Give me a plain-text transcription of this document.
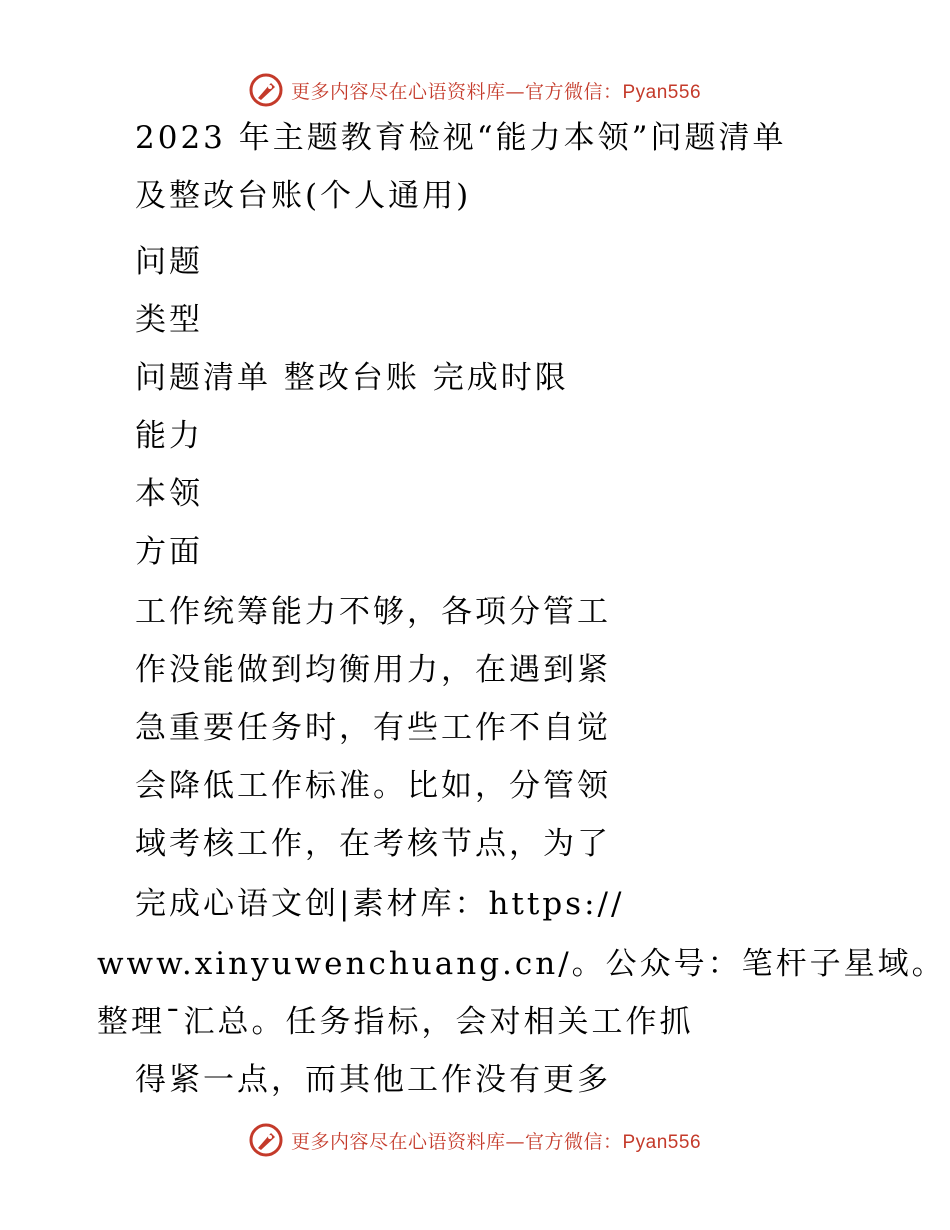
更多内容尽在心语资料库—官方微信：Pyan556
2023 年主题教育检视“能力本领”问题清单
及整改台账(个人通用)
问题
类型
问题清单 整改台账 完成时限
能力
本领
方面
工作统筹能力不够，各项分管工
作没能做到均衡用力，在遇到紧
急重要任务时，有些工作不自觉
会降低工作标准。比如，分管领
域考核工作，在考核节点，为了
完成心语文创|素材库：https://
www.xinyuwenchuang.cn/。公众号：笔杆子星域。
整理¯汇总。任务指标，会对相关工作抓
得紧一点，而其他工作没有更多
更多内容尽在心语资料库—官方微信：Pyan556
